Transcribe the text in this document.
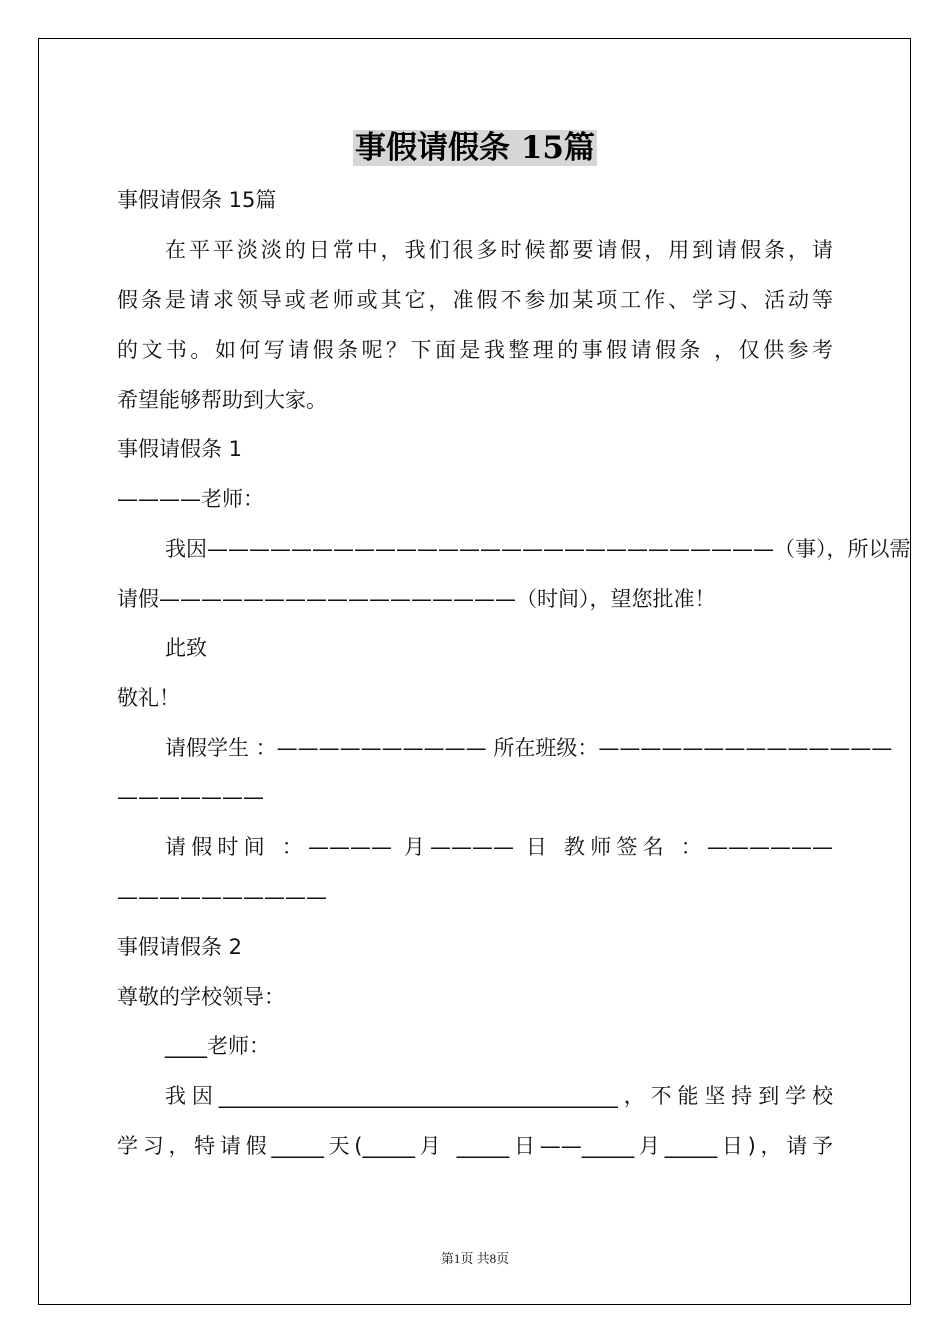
事假请假条 15篇
事假请假条 15篇
在平平淡淡的日常中，我们很多时候都要请假，用到请假条，请
假条是请求领导或老师或其它，准假不参加某项工作、学习、活动等
的文书。如何写请假条呢？下面是我整理的事假请假条 ，仅供参考
希望能够帮助到大家。
事假请假条 1
————老师：
我因———————————————————————————（事），所以需
请假—————————————————（时间），望您批准！
此致
敬礼！
请假学生 ：—————————— 所在班级：——————————————
———————
请假时间 ：———— 月———— 日 教师签名 ：——————
——————————
事假请假条 2
尊敬的学校领导：
____老师：
我因______________________________________，不能坚持到学校
学习，特请假_____天(_____月 _____日——_____月_____日)，请予
第1页 共8页
